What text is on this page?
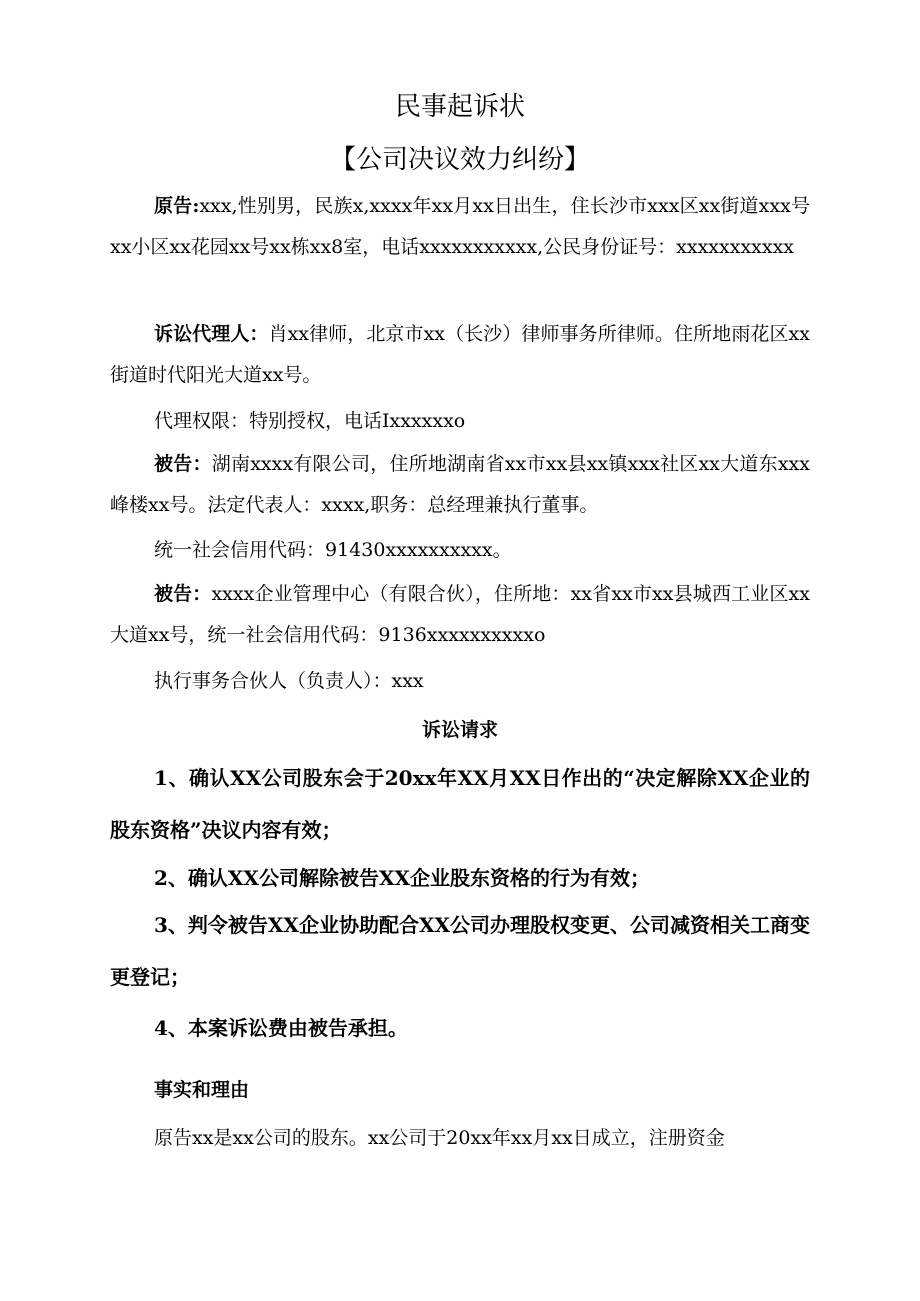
民事起诉状
【公司决议效力纠纷】

原告:xxx,性别男，民族x,xxxx年xx月xx日出生，住长沙市xxx区xx街道xxx号xx小区xx花园xx号xx栋xx8室，电话xxxxxxxxxxx,公民身份证号：xxxxxxxxxxx

诉讼代理人：肖xx律师，北京市xx（长沙）律师事务所律师。住所地雨花区xx街道时代阳光大道xx号。

代理权限：特别授权，电话Ixxxxxxo

被告：湖南xxxx有限公司，住所地湖南省xx市xx县xx镇xxx社区xx大道东xxx峰楼xx号。法定代表人：xxxx,职务：总经理兼执行董事。

统一社会信用代码：91430xxxxxxxxxx。

被告：xxxx企业管理中心（有限合伙），住所地：xx省xx市xx县城西工业区xx大道xx号，统一社会信用代码：9136xxxxxxxxxxo

执行事务合伙人（负责人）：xxx

诉讼请求

1、确认XX公司股东会于20xx年XX月XX日作出的“决定解除XX企业的股东资格”决议内容有效；

2、确认XX公司解除被告XX企业股东资格的行为有效；

3、判令被告XX企业协助配合XX公司办理股权变更、公司减资相关工商变更登记；

4、本案诉讼费由被告承担。

事实和理由

原告xx是xx公司的股东。xx公司于20xx年xx月xx日成立，注册资金
